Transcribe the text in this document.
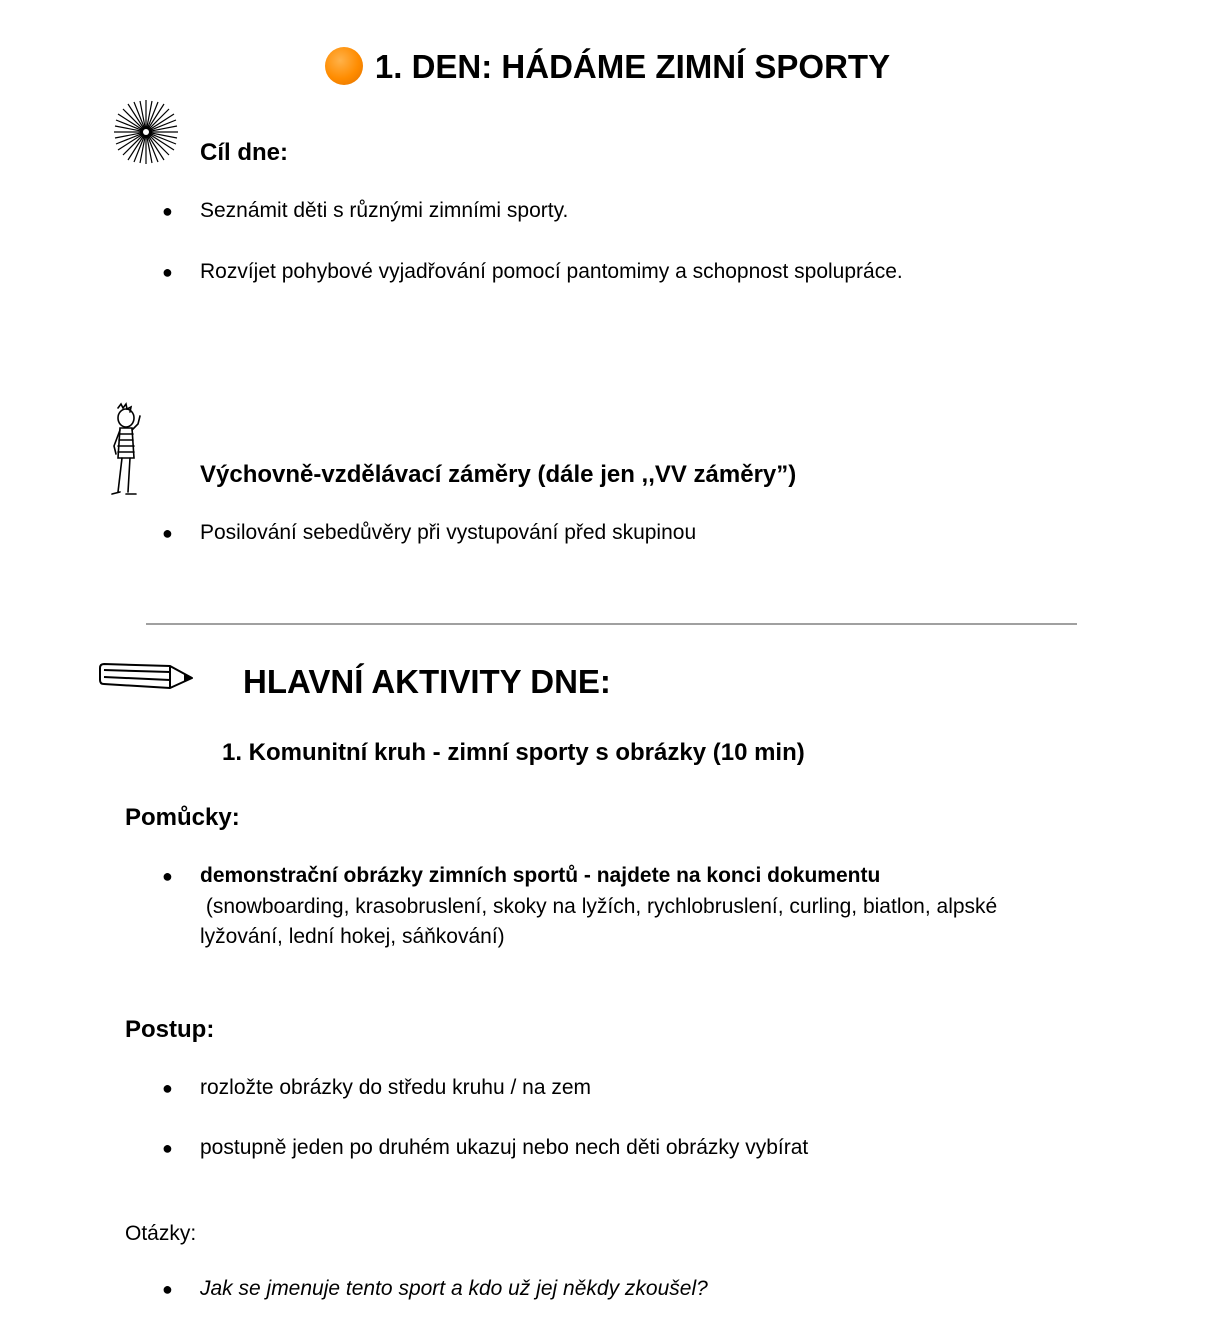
1. DEN: HÁDÁME ZIMNÍ SPORTY
Cíl dne:
● Seznámit děti s různými zimními sporty.
● Rozvíjet pohybové vyjadřování pomocí pantomimy a schopnost spolupráce.
Výchovně-vzdělávací záměry (dále jen ,,VV záměry”)
● Posilování sebedůvěry při vystupování před skupinou
HLAVNÍ AKTIVITY DNE:
1. Komunitní kruh - zimní sporty s obrázky (10 min)
Pomůcky:
● demonstrační obrázky zimních sportů - najdete na konci dokumentu
(snowboarding, krasobruslení, skoky na lyžích, rychlobruslení, curling, biatlon, alpské
lyžování, lední hokej, sáňkování)
Postup:
● rozložte obrázky do středu kruhu / na zem
● postupně jeden po druhém ukazuj nebo nech děti obrázky vybírat
Otázky:
● Jak se jmenuje tento sport a kdo už jej někdy zkoušel?
